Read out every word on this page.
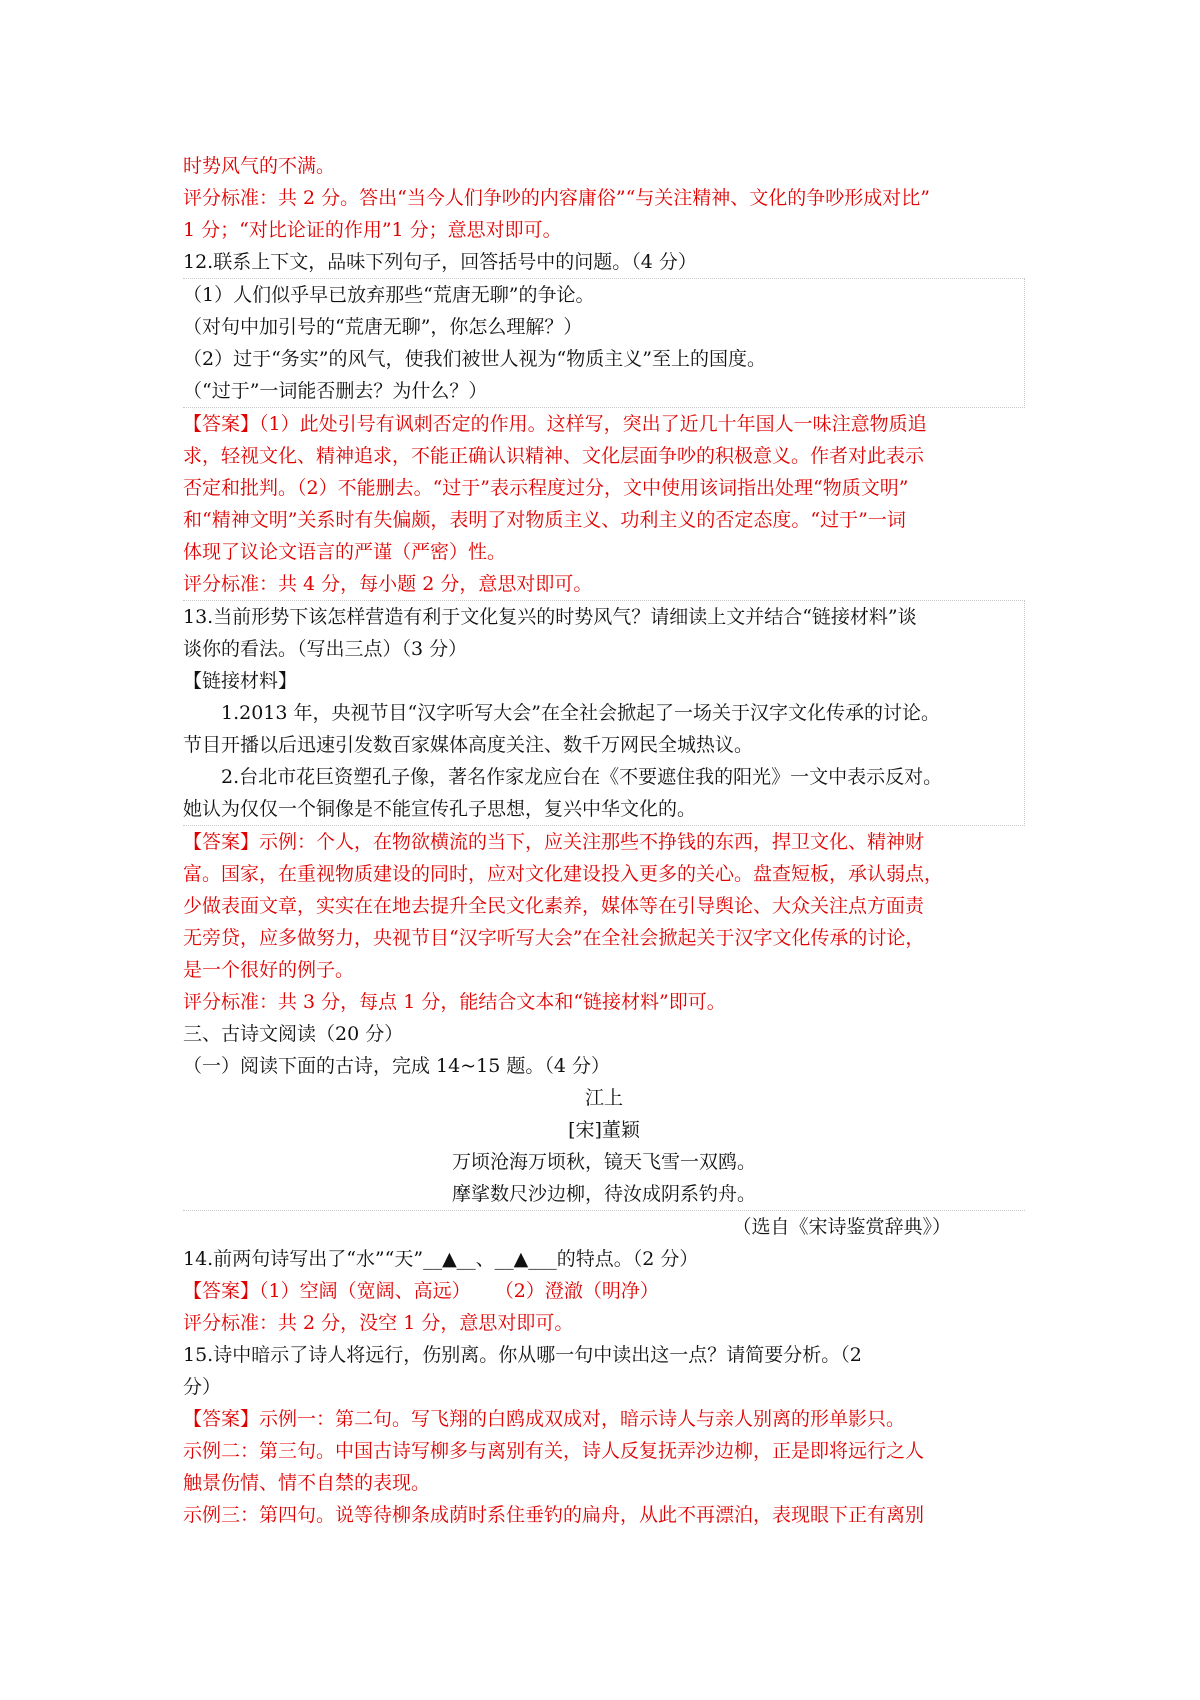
时势风气的不满。
评分标准：共 2 分。答出“当今人们争吵的内容庸俗”“与关注精神、文化的争吵形成对比”
1 分；“对比论证的作用”1 分；意思对即可。
12.联系上下文，品味下列句子，回答括号中的问题。（4 分）
（1）人们似乎早已放弃那些“荒唐无聊”的争论。
（对句中加引号的“荒唐无聊”，你怎么理解？）
（2）过于“务实”的风气，使我们被世人视为“物质主义”至上的国度。
（“过于”一词能否删去？为什么？）
【答案】（1）此处引号有讽刺否定的作用。这样写，突出了近几十年国人一味注意物质追
求，轻视文化、精神追求，不能正确认识精神、文化层面争吵的积极意义。作者对此表示
否定和批判。（2）不能删去。“过于”表示程度过分，文中使用该词指出处理“物质文明”
和“精神文明”关系时有失偏颇，表明了对物质主义、功利主义的否定态度。“过于”一词
体现了议论文语言的严谨（严密）性。
评分标准：共 4 分，每小题 2 分，意思对即可。
13.当前形势下该怎样营造有利于文化复兴的时势风气？请细读上文并结合“链接材料”谈
谈你的看法。（写出三点）（3 分）
【链接材料】
1.2013 年，央视节目“汉字听写大会”在全社会掀起了一场关于汉字文化传承的讨论。
节目开播以后迅速引发数百家媒体高度关注、数千万网民全城热议。
2.台北市花巨资塑孔子像，著名作家龙应台在《不要遮住我的阳光》一文中表示反对。
她认为仅仅一个铜像是不能宣传孔子思想，复兴中华文化的。
【答案】示例：个人，在物欲横流的当下，应关注那些不挣钱的东西，捍卫文化、精神财
富。国家，在重视物质建设的同时，应对文化建设投入更多的关心。盘查短板，承认弱点，
少做表面文章，实实在在地去提升全民文化素养，媒体等在引导舆论、大众关注点方面责
无旁贷，应多做努力，央视节目“汉字听写大会”在全社会掀起关于汉字文化传承的讨论，
是一个很好的例子。
评分标准：共 3 分，每点 1 分，能结合文本和“链接材料”即可。
三、古诗文阅读（20 分）
（一）阅读下面的古诗，完成 14~15 题。（4 分）
江上
[宋]董颖
万顷沧海万顷秋，镜天飞雪一双鸥。
摩挲数尺沙边柳，待汝成阴系钓舟。
（选自《宋诗鉴赏辞典》）
14.前两句诗写出了“水”“天”__▲__、__▲___的特点。（2 分）
【答案】（1）空阔（宽阔、高远）    （2）澄澈（明净）
评分标准：共 2 分，没空 1 分，意思对即可。
15.诗中暗示了诗人将远行，伤别离。你从哪一句中读出这一点？请简要分析。（2
分）
【答案】示例一：第二句。写飞翔的白鸥成双成对，暗示诗人与亲人别离的形单影只。
示例二：第三句。中国古诗写柳多与离别有关，诗人反复抚弄沙边柳，正是即将远行之人
触景伤情、情不自禁的表现。
示例三：第四句。说等待柳条成荫时系住垂钓的扁舟，从此不再漂泊，表现眼下正有离别
